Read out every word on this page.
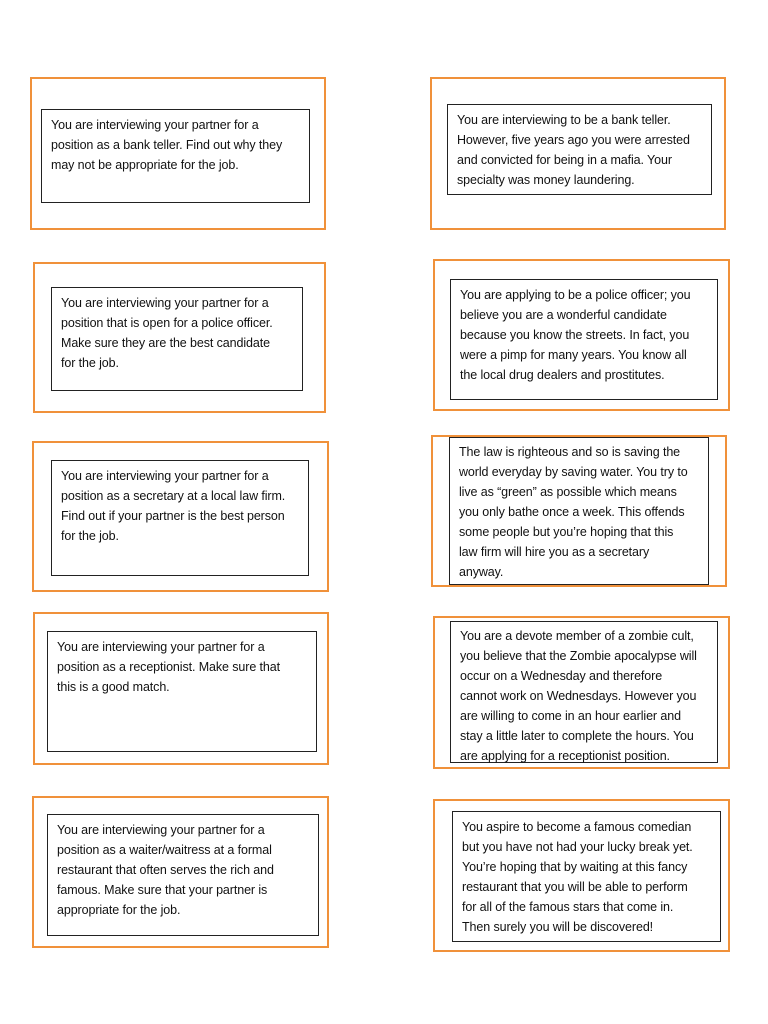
You are interviewing your partner for a
position as a bank teller. Find out why they
may not be appropriate for the job.
You are interviewing to be a bank teller.
However, five years ago you were arrested
and convicted for being in a mafia. Your
specialty was money laundering.
You are interviewing your partner for a
position that is open for a police officer.
Make sure they are the best candidate
for the job.
You are applying to be a police officer; you
believe you are a wonderful candidate
because you know the streets. In fact, you
were a pimp for many years. You know all
the local drug dealers and prostitutes.
You are interviewing your partner for a
position as a secretary at a local law firm.
Find out if your partner is the best person
for the job.
The law is righteous and so is saving the
world everyday by saving water. You try to
live as “green” as possible which means
you only bathe once a week. This offends
some people but you’re hoping that this
law firm will hire you as a secretary
anyway.
You are interviewing your partner for a
position as a receptionist. Make sure that
this is a good match.
You are a devote member of a zombie cult,
you believe that the Zombie apocalypse will
occur on a Wednesday and therefore
cannot work on Wednesdays. However you
are willing to come in an hour earlier and
stay a little later to complete the hours. You
are applying for a receptionist position.
You are interviewing your partner for a
position as a waiter/waitress at a formal
restaurant that often serves the rich and
famous. Make sure that your partner is
appropriate for the job.
You aspire to become a famous comedian
but you have not had your lucky break yet.
You’re hoping that by waiting at this fancy
restaurant that you will be able to perform
for all of the famous stars that come in.
Then surely you will be discovered!
